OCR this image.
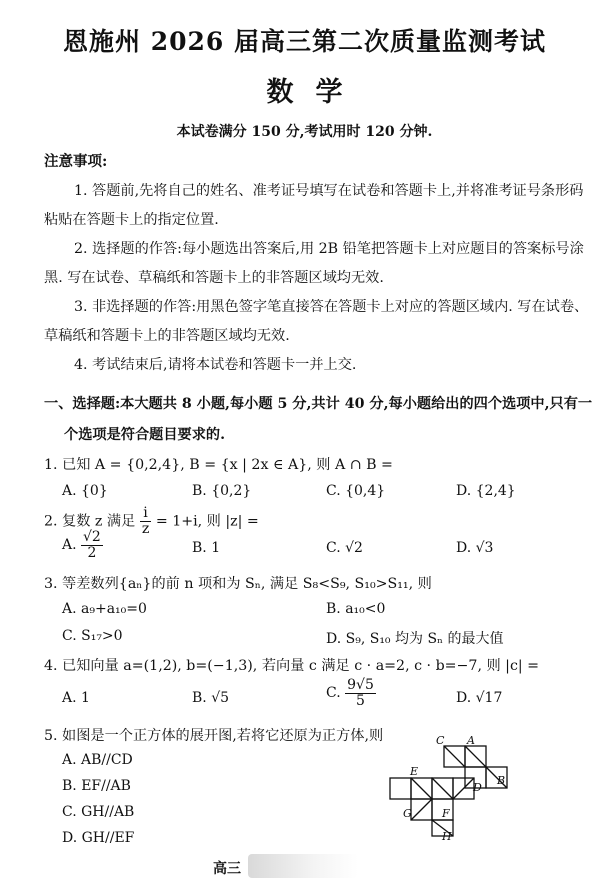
恩施州 2026 届高三第二次质量监测考试
数学
本试卷满分 150 分,考试用时 120 分钟.
注意事项:
1. 答题前,先将自己的姓名、准考证号填写在试卷和答题卡上,并将准考证号条形码
粘贴在答题卡上的指定位置.
2. 选择题的作答:每小题选出答案后,用 2B 铅笔把答题卡上对应题目的答案标号涂
黑. 写在试卷、草稿纸和答题卡上的非答题区域均无效.
3. 非选择题的作答:用黑色签字笔直接答在答题卡上对应的答题区域内. 写在试卷、
草稿纸和答题卡上的非答题区域均无效.
4. 考试结束后,请将本试卷和答题卡一并上交.
一、选择题:本大题共 8 小题,每小题 5 分,共计 40 分,每小题给出的四个选项中,只有一
个选项是符合题目要求的.
1. 已知 A = {0,2,4}, B = {x | 2x ∈ A}, 则 A ∩ B =
A. {0}	B. {0,2}	C. {0,4}	D. {2,4}
2. 复数 z 满足 $\frac{i}{z} = 1+i$, 则 |z| =
A. $\frac{√2}{2}$	B. 1	C. √2	D. √3
3. 等差数列{aₙ}的前 n 项和为 Sₙ, 满足 S₈<S₉, S₁₀>S₁₁, 则
A. a₉+a₁₀=0	B. a₁₀<0
C. S₁₇>0	D. S₉, S₁₀ 均为 Sₙ 的最大值
4. 已知向量 a=(1,2), b=(−1,3), 若向量 c 满足 c · a=2, c · b=−7, 则 |c| =
A. 1	B. √5	C. $\frac{9√5}{5}$	D. √17
5. 如图是一个正方体的展开图,若将它还原为正方体,则
A. AB//CD
B. EF//AB
C. GH//AB
D. GH//EF
C A
E
D
B
G	F
H
高三
